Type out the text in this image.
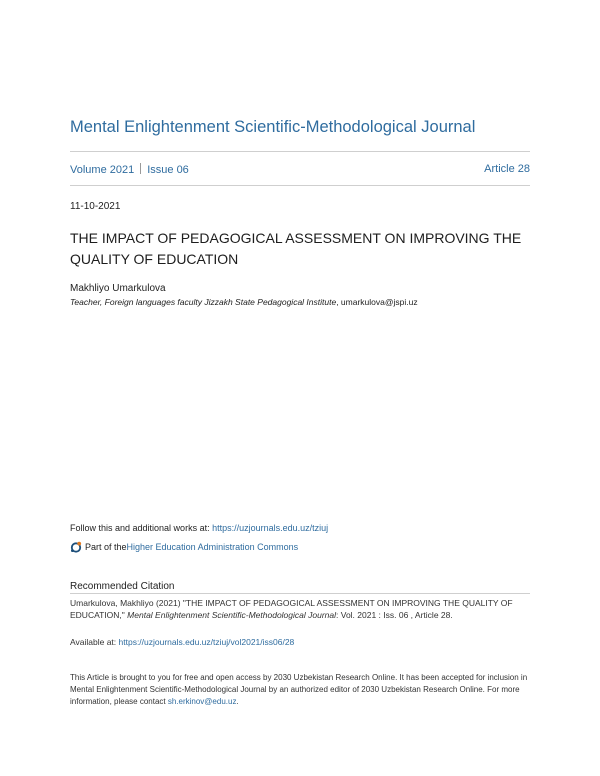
Mental Enlightenment Scientific-Methodological Journal
Volume 2021 Issue 06	Article 28
11-10-2021
THE IMPACT OF PEDAGOGICAL ASSESSMENT ON IMPROVING THE QUALITY OF EDUCATION
Makhliyo Umarkulova
Teacher, Foreign languages faculty Jizzakh State Pedagogical Institute, umarkulova@jspi.uz
Follow this and additional works at: https://uzjournals.edu.uz/tziuj
Part of the Higher Education Administration Commons
Recommended Citation
Umarkulova, Makhliyo (2021) "THE IMPACT OF PEDAGOGICAL ASSESSMENT ON IMPROVING THE QUALITY OF EDUCATION," Mental Enlightenment Scientific-Methodological Journal: Vol. 2021 : Iss. 06 , Article 28.
Available at: https://uzjournals.edu.uz/tziuj/vol2021/iss06/28
This Article is brought to you for free and open access by 2030 Uzbekistan Research Online. It has been accepted for inclusion in Mental Enlightenment Scientific-Methodological Journal by an authorized editor of 2030 Uzbekistan Research Online. For more information, please contact sh.erkinov@edu.uz.
